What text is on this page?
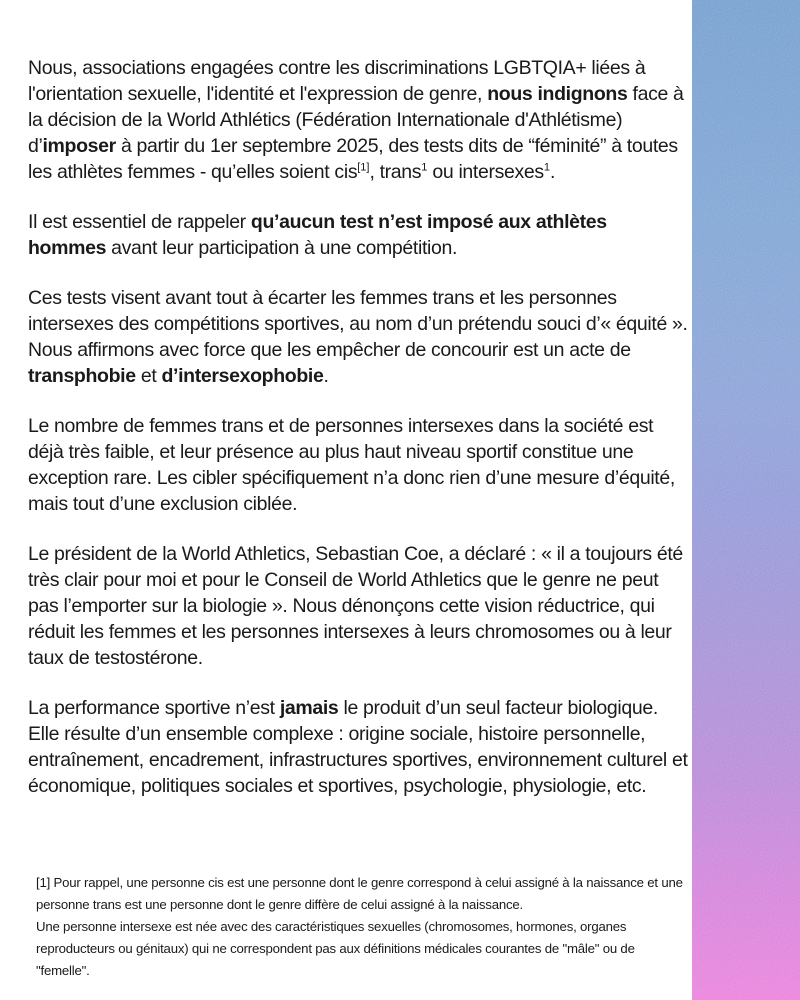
Nous, associations engagées contre les discriminations LGBTQIA+ liées à l'orientation sexuelle, l'identité et l'expression de genre, nous indignons face à la décision de la World Athlétics (Fédération Internationale d'Athlétisme) d’imposer à partir du 1er septembre 2025, des tests dits de “féminité” à toutes les athlètes femmes - qu’elles soient cis[1], trans$^1$ ou intersexes$^1$.

Il est essentiel de rappeler qu’aucun test n’est imposé aux athlètes hommes avant leur participation à une compétition.

Ces tests visent avant tout à écarter les femmes trans et les personnes intersexes des compétitions sportives, au nom d’un prétendu souci d’« équité ». Nous affirmons avec force que les empêcher de concourir est un acte de transphobie et d’intersexophobie.

Le nombre de femmes trans et de personnes intersexes dans la société est déjà très faible, et leur présence au plus haut niveau sportif constitue une exception rare. Les cibler spécifiquement n’a donc rien d’une mesure d’équité, mais tout d’une exclusion ciblée.

Le président de la World Athletics, Sebastian Coe, a déclaré : « il a toujours été très clair pour moi et pour le Conseil de World Athletics que le genre ne peut pas l’emporter sur la biologie ». Nous dénonçons cette vision réductrice, qui réduit les femmes et les personnes intersexes à leurs chromosomes ou à leur taux de testostérone.

La performance sportive n’est jamais le produit d’un seul facteur biologique. Elle résulte d’un ensemble complexe : origine sociale, histoire personnelle, entraînement, encadrement, infrastructures sportives, environnement culturel et économique, politiques sociales et sportives, psychologie, physiologie, etc.

[1] Pour rappel, une personne cis est une personne dont le genre correspond à celui assigné à la naissance et une personne trans est une personne dont le genre diffère de celui assigné à la naissance.
Une personne intersexe est née avec des caractéristiques sexuelles (chromosomes, hormones, organes reproducteurs ou génitaux) qui ne correspondent pas aux définitions médicales courantes de "mâle" ou de "femelle".
